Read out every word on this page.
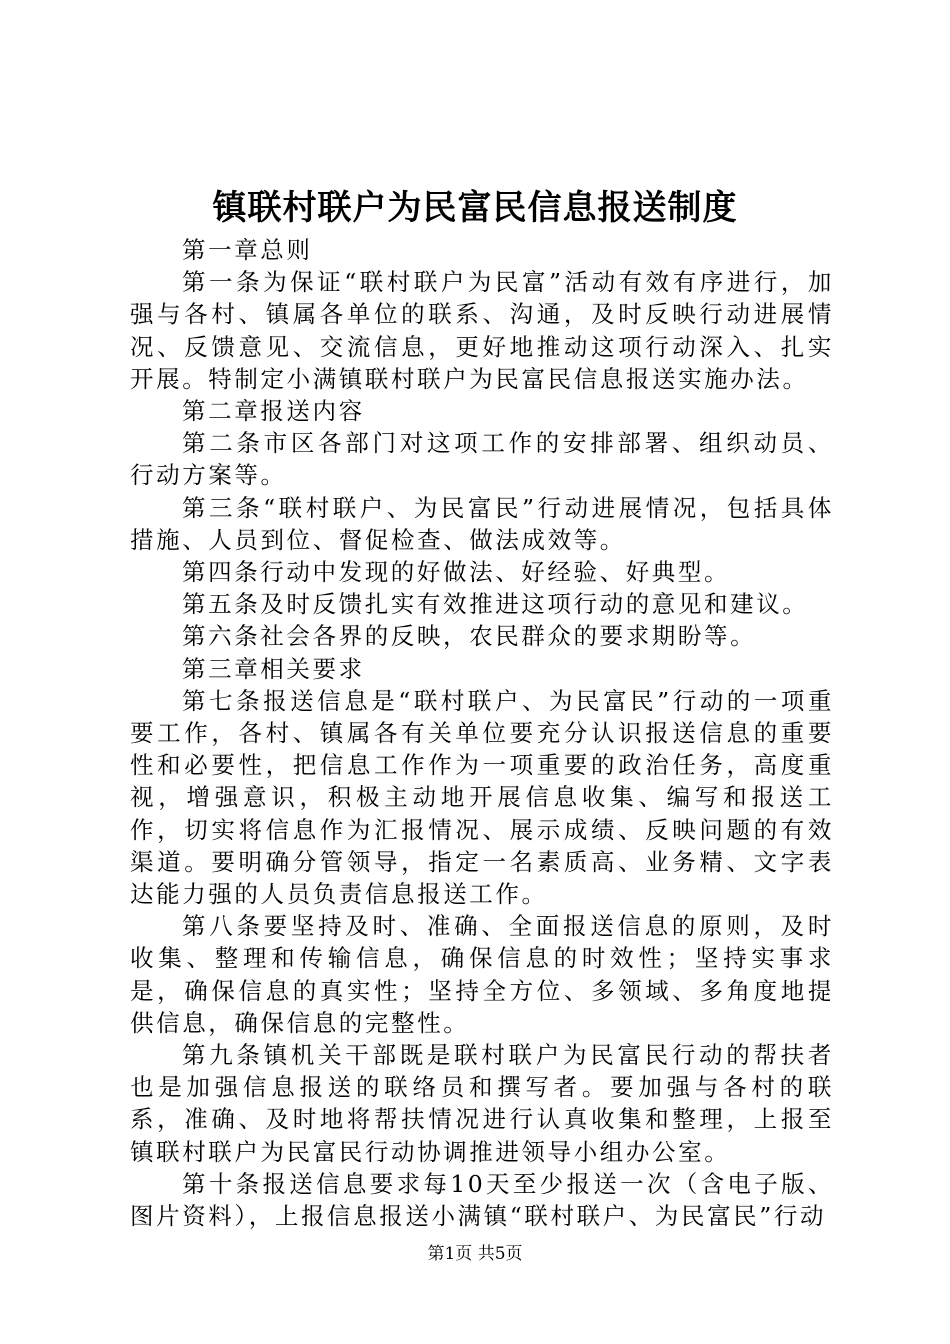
镇联村联户为民富民信息报送制度

第一章总则

第一条为保证“联村联户为民富”活动有效有序进行，加强与各村、镇属各单位的联系、沟通，及时反映行动进展情况、反馈意见、交流信息，更好地推动这项行动深入、扎实开展。特制定小满镇联村联户为民富民信息报送实施办法。

第二章报送内容

第二条市区各部门对这项工作的安排部署、组织动员、行动方案等。

第三条“联村联户、为民富民”行动进展情况，包括具体措施、人员到位、督促检查、做法成效等。

第四条行动中发现的好做法、好经验、好典型。

第五条及时反馈扎实有效推进这项行动的意见和建议。

第六条社会各界的反映，农民群众的要求期盼等。

第三章相关要求

第七条报送信息是“联村联户、为民富民”行动的一项重要工作，各村、镇属各有关单位要充分认识报送信息的重要性和必要性，把信息工作作为一项重要的政治任务，高度重视，增强意识，积极主动地开展信息收集、编写和报送工作，切实将信息作为汇报情况、展示成绩、反映问题的有效渠道。要明确分管领导，指定一名素质高、业务精、文字表达能力强的人员负责信息报送工作。

第八条要坚持及时、准确、全面报送信息的原则，及时收集、整理和传输信息，确保信息的时效性；坚持实事求是，确保信息的真实性；坚持全方位、多领域、多角度地提供信息，确保信息的完整性。

第九条镇机关干部既是联村联户为民富民行动的帮扶者也是加强信息报送的联络员和撰写者。要加强与各村的联系，准确、及时地将帮扶情况进行认真收集和整理，上报至镇联村联户为民富民行动协调推进领导小组办公室。

第十条报送信息要求每10天至少报送一次（含电子版、图片资料），上报信息报送小满镇“联村联户、为民富民”行动

第1页 共5页
